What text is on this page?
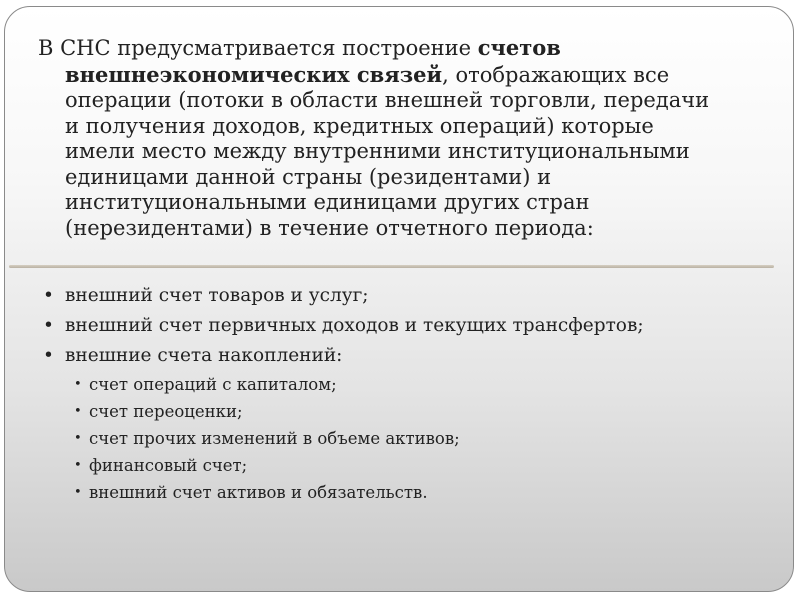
В СНС предусматривается построение счетов
внешнеэкономических связей, отображающих все
операции (потоки в области внешней торговли, передачи
и получения доходов, кредитных операций) которые
имели место между внутренними институциональными
единицами данной страны (резидентами) и
институциональными единицами других стран
(нерезидентами) в течение отчетного периода:

• внешний счет товаров и услуг;
• внешний счет первичных доходов и текущих трансфертов;
• внешние счета накоплений:
• счет операций с капиталом;
• счет переоценки;
• счет прочих изменений в объеме активов;
• финансовый счет;
• внешний счет активов и обязательств.
